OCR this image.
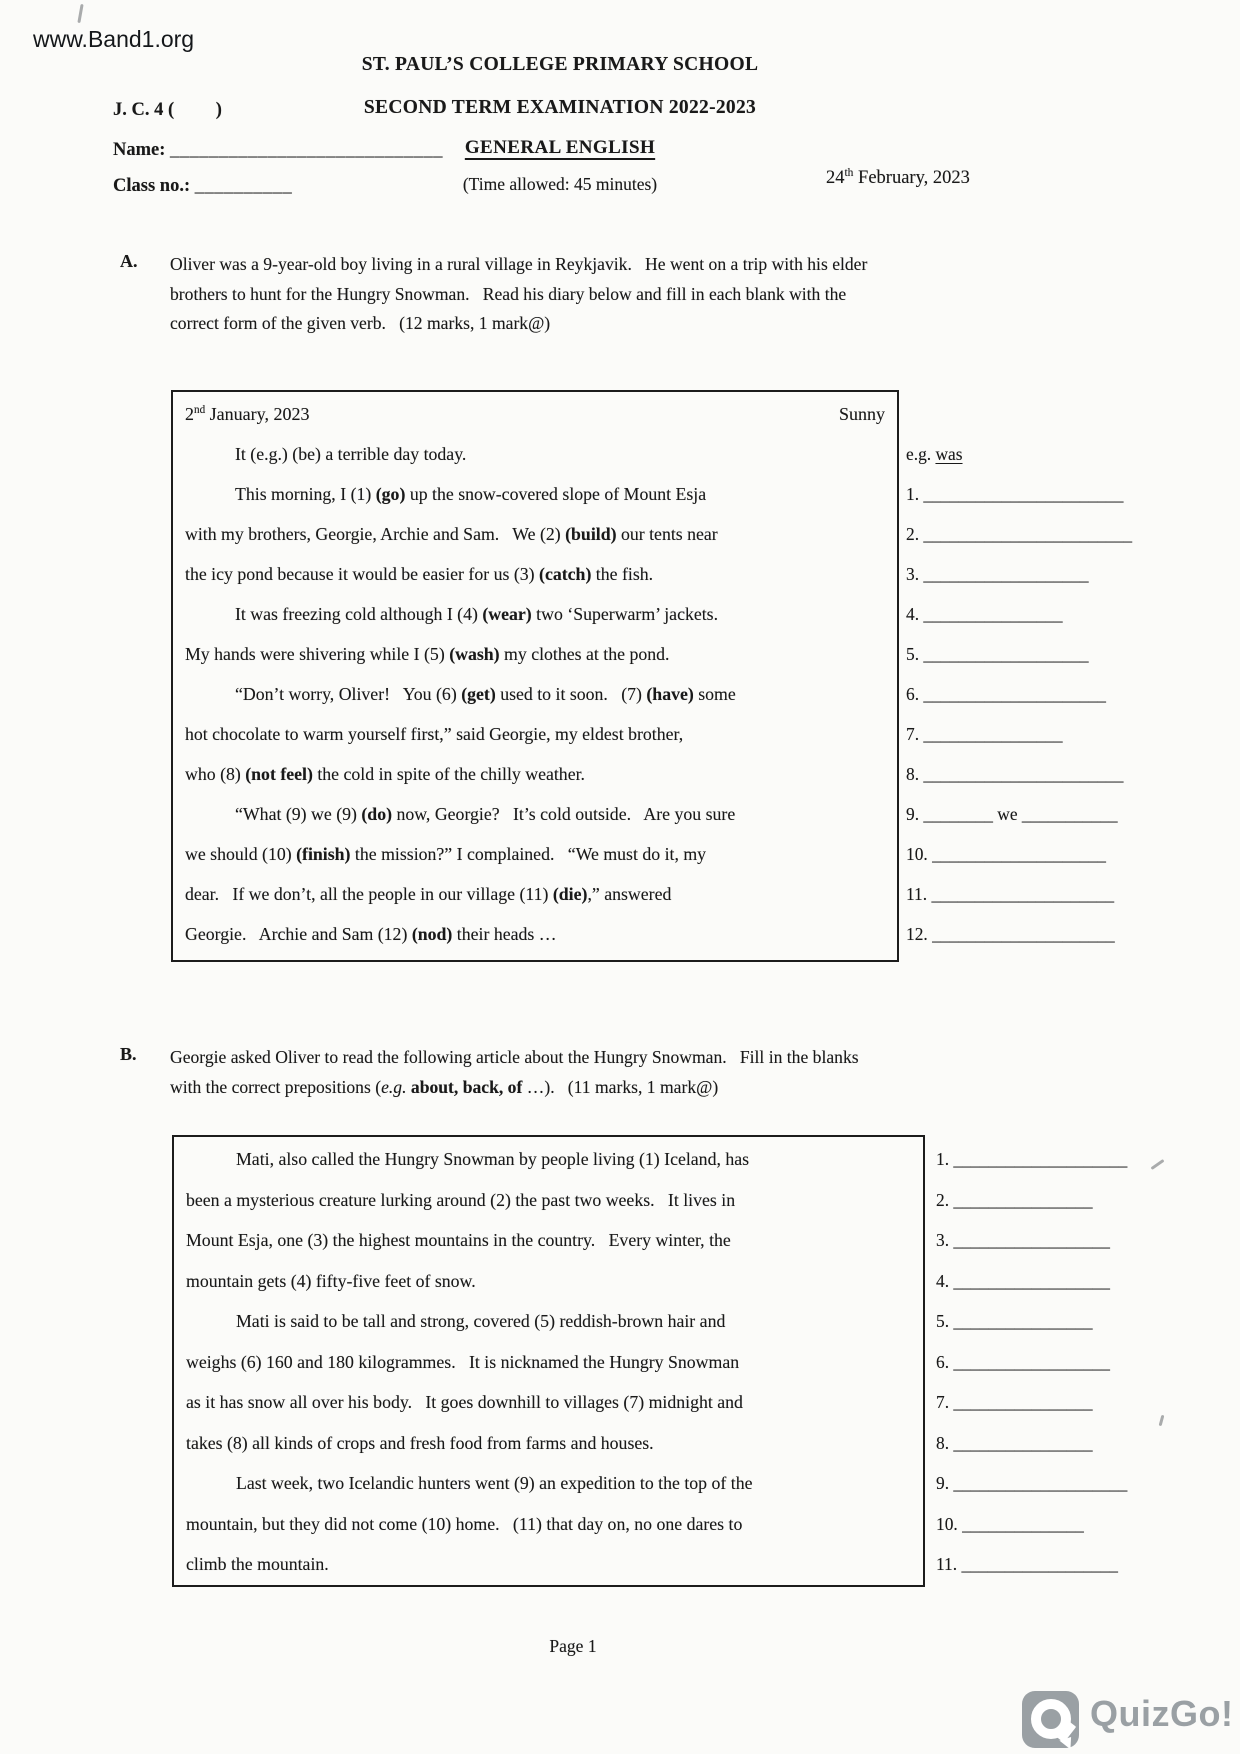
www.Band1.org
ST. PAUL’S COLLEGE PRIMARY SCHOOL
SECOND TERM EXAMINATION 2022-2023
GENERAL ENGLISH
(Time allowed: 45 minutes)
J. C. 4 (         )
Name: ____________________________
Class no.: __________	24th February, 2023
A. Oliver was a 9-year-old boy living in a rural village in Reykjavik.   He went on a trip with his elder
brothers to hunt for the Hungry Snowman.   Read his diary below and fill in each blank with the
correct form of the given verb.   (12 marks, 1 mark@)
2nd January, 2023	Sunny
	It (e.g.) (be) a terrible day today.
	This morning, I (1) (go) up the snow-covered slope of Mount Esja
with my brothers, Georgie, Archie and Sam.   We (2) (build) our tents near
the icy pond because it would be easier for us (3) (catch) the fish.
	It was freezing cold although I (4) (wear) two ‘Superwarm’ jackets.
My hands were shivering while I (5) (wash) my clothes at the pond.
	“Don’t worry, Oliver!   You (6) (get) used to it soon.   (7) (have) some
hot chocolate to warm yourself first,” said Georgie, my eldest brother,
who (8) (not feel) the cold in spite of the chilly weather.
	“What (9) we (9) (do) now, Georgie?   It’s cold outside.   Are you sure
we should (10) (finish) the mission?” I complained.   “We must do it, my
dear.   If we don’t, all the people in our village (11) (die),” answered
Georgie.   Archie and Sam (12) (nod) their heads …
e.g. was
1. _______________________
2. ________________________
3. ___________________
4. ________________
5. ___________________
6. _____________________
7. ________________
8. _______________________
9. ________ we ___________
10. ____________________
11. _____________________
12. _____________________
B. Georgie asked Oliver to read the following article about the Hungry Snowman.   Fill in the blanks
with the correct prepositions (e.g. about, back, of …).   (11 marks, 1 mark@)
	Mati, also called the Hungry Snowman by people living (1) Iceland, has
been a mysterious creature lurking around (2) the past two weeks.   It lives in
Mount Esja, one (3) the highest mountains in the country.   Every winter, the
mountain gets (4) fifty-five feet of snow.
	Mati is said to be tall and strong, covered (5) reddish-brown hair and
weighs (6) 160 and 180 kilogrammes.   It is nicknamed the Hungry Snowman
as it has snow all over his body.   It goes downhill to villages (7) midnight and
takes (8) all kinds of crops and fresh food from farms and houses.
	Last week, two Icelandic hunters went (9) an expedition to the top of the
mountain, but they did not come (10) home.   (11) that day on, no one dares to
climb the mountain.
1. ____________________
2. ________________
3. __________________
4. __________________
5. ________________
6. __________________
7. ________________
8. ________________
9. ____________________
10. ______________
11. __________________
Page 1
QuizGo!
